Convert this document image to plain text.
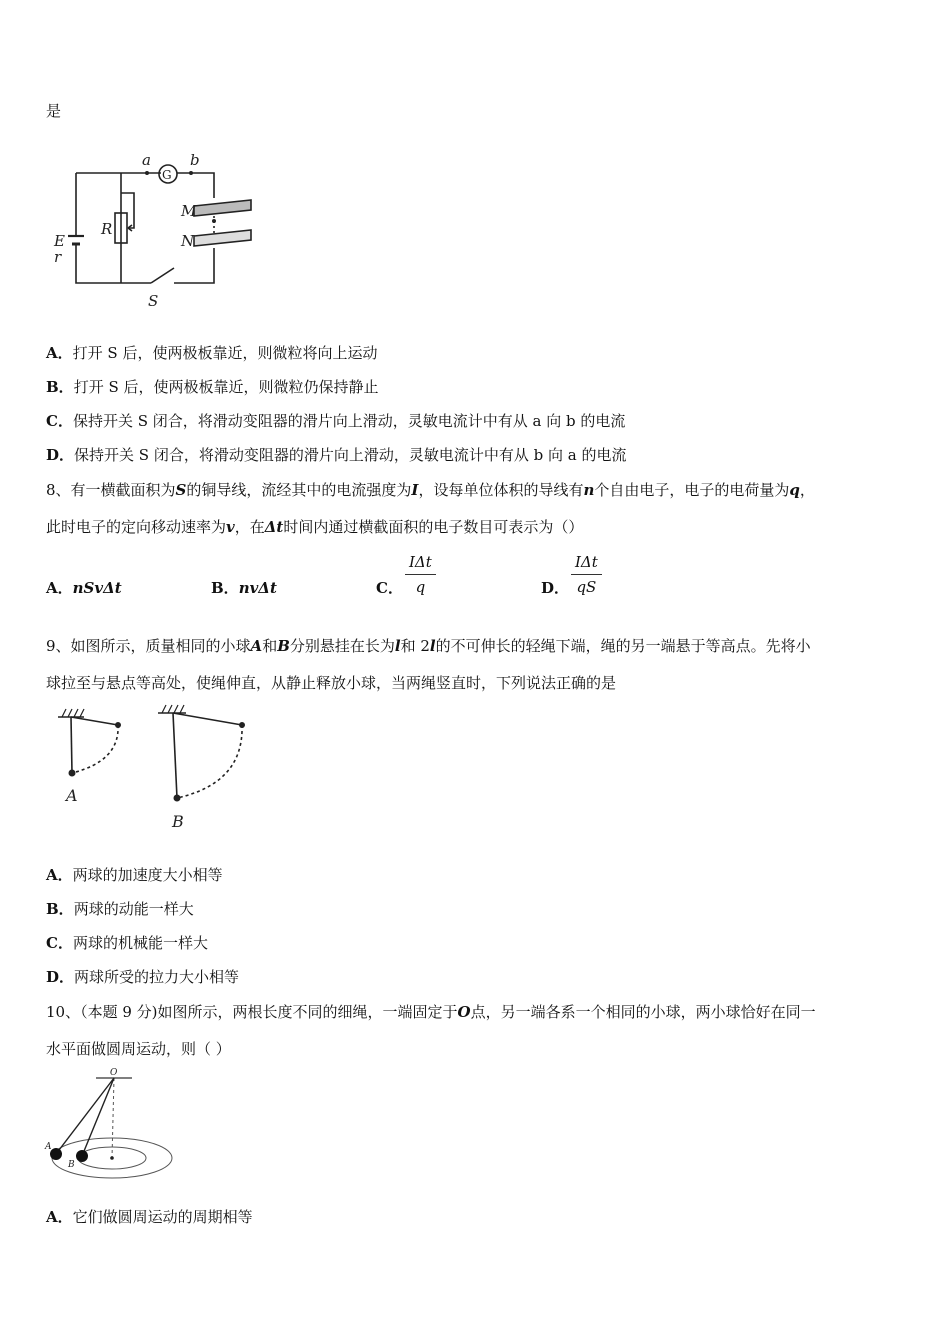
是
a
G
b
M
N
R
E
r
S
A．打开 S 后，使两极板靠近，则微粒将向上运动
B．打开 S 后，使两极板靠近，则微粒仍保持静止
C．保持开关 S 闭合，将滑动变阻器的滑片向上滑动，灵敏电流计中有从 a 向 b 的电流
D．保持开关 S 闭合，将滑动变阻器的滑片向上滑动，灵敏电流计中有从 b 向 a 的电流
8、有一横截面积为S的铜导线，流经其中的电流强度为I，设每单位体积的导线有n个自由电子，电子的电荷量为q，
此时电子的定向移动速率为v，在Δt时间内通过横截面积的电子数目可表示为（）
A．nSvΔt	B．nvΔt	C．
IΔt
q	D．
IΔt
qS
9、如图所示，质量相同的小球A和B分别悬挂在长为l和 2l的不可伸长的轻绳下端，绳的另一端悬于等高点。先将小
球拉至与悬点等高处，使绳伸直，从静止释放小球，当两绳竖直时，下列说法正确的是
A
B
A．两球的加速度大小相等
B．两球的动能一样大
C．两球的机械能一样大
D．两球所受的拉力大小相等
10、（本题 9 分)如图所示，两根长度不同的细绳，一端固定于O点，另一端各系一个相同的小球，两小球恰好在同一
水平面做圆周运动，则（ ）
O
A
B
A．它们做圆周运动的周期相等
